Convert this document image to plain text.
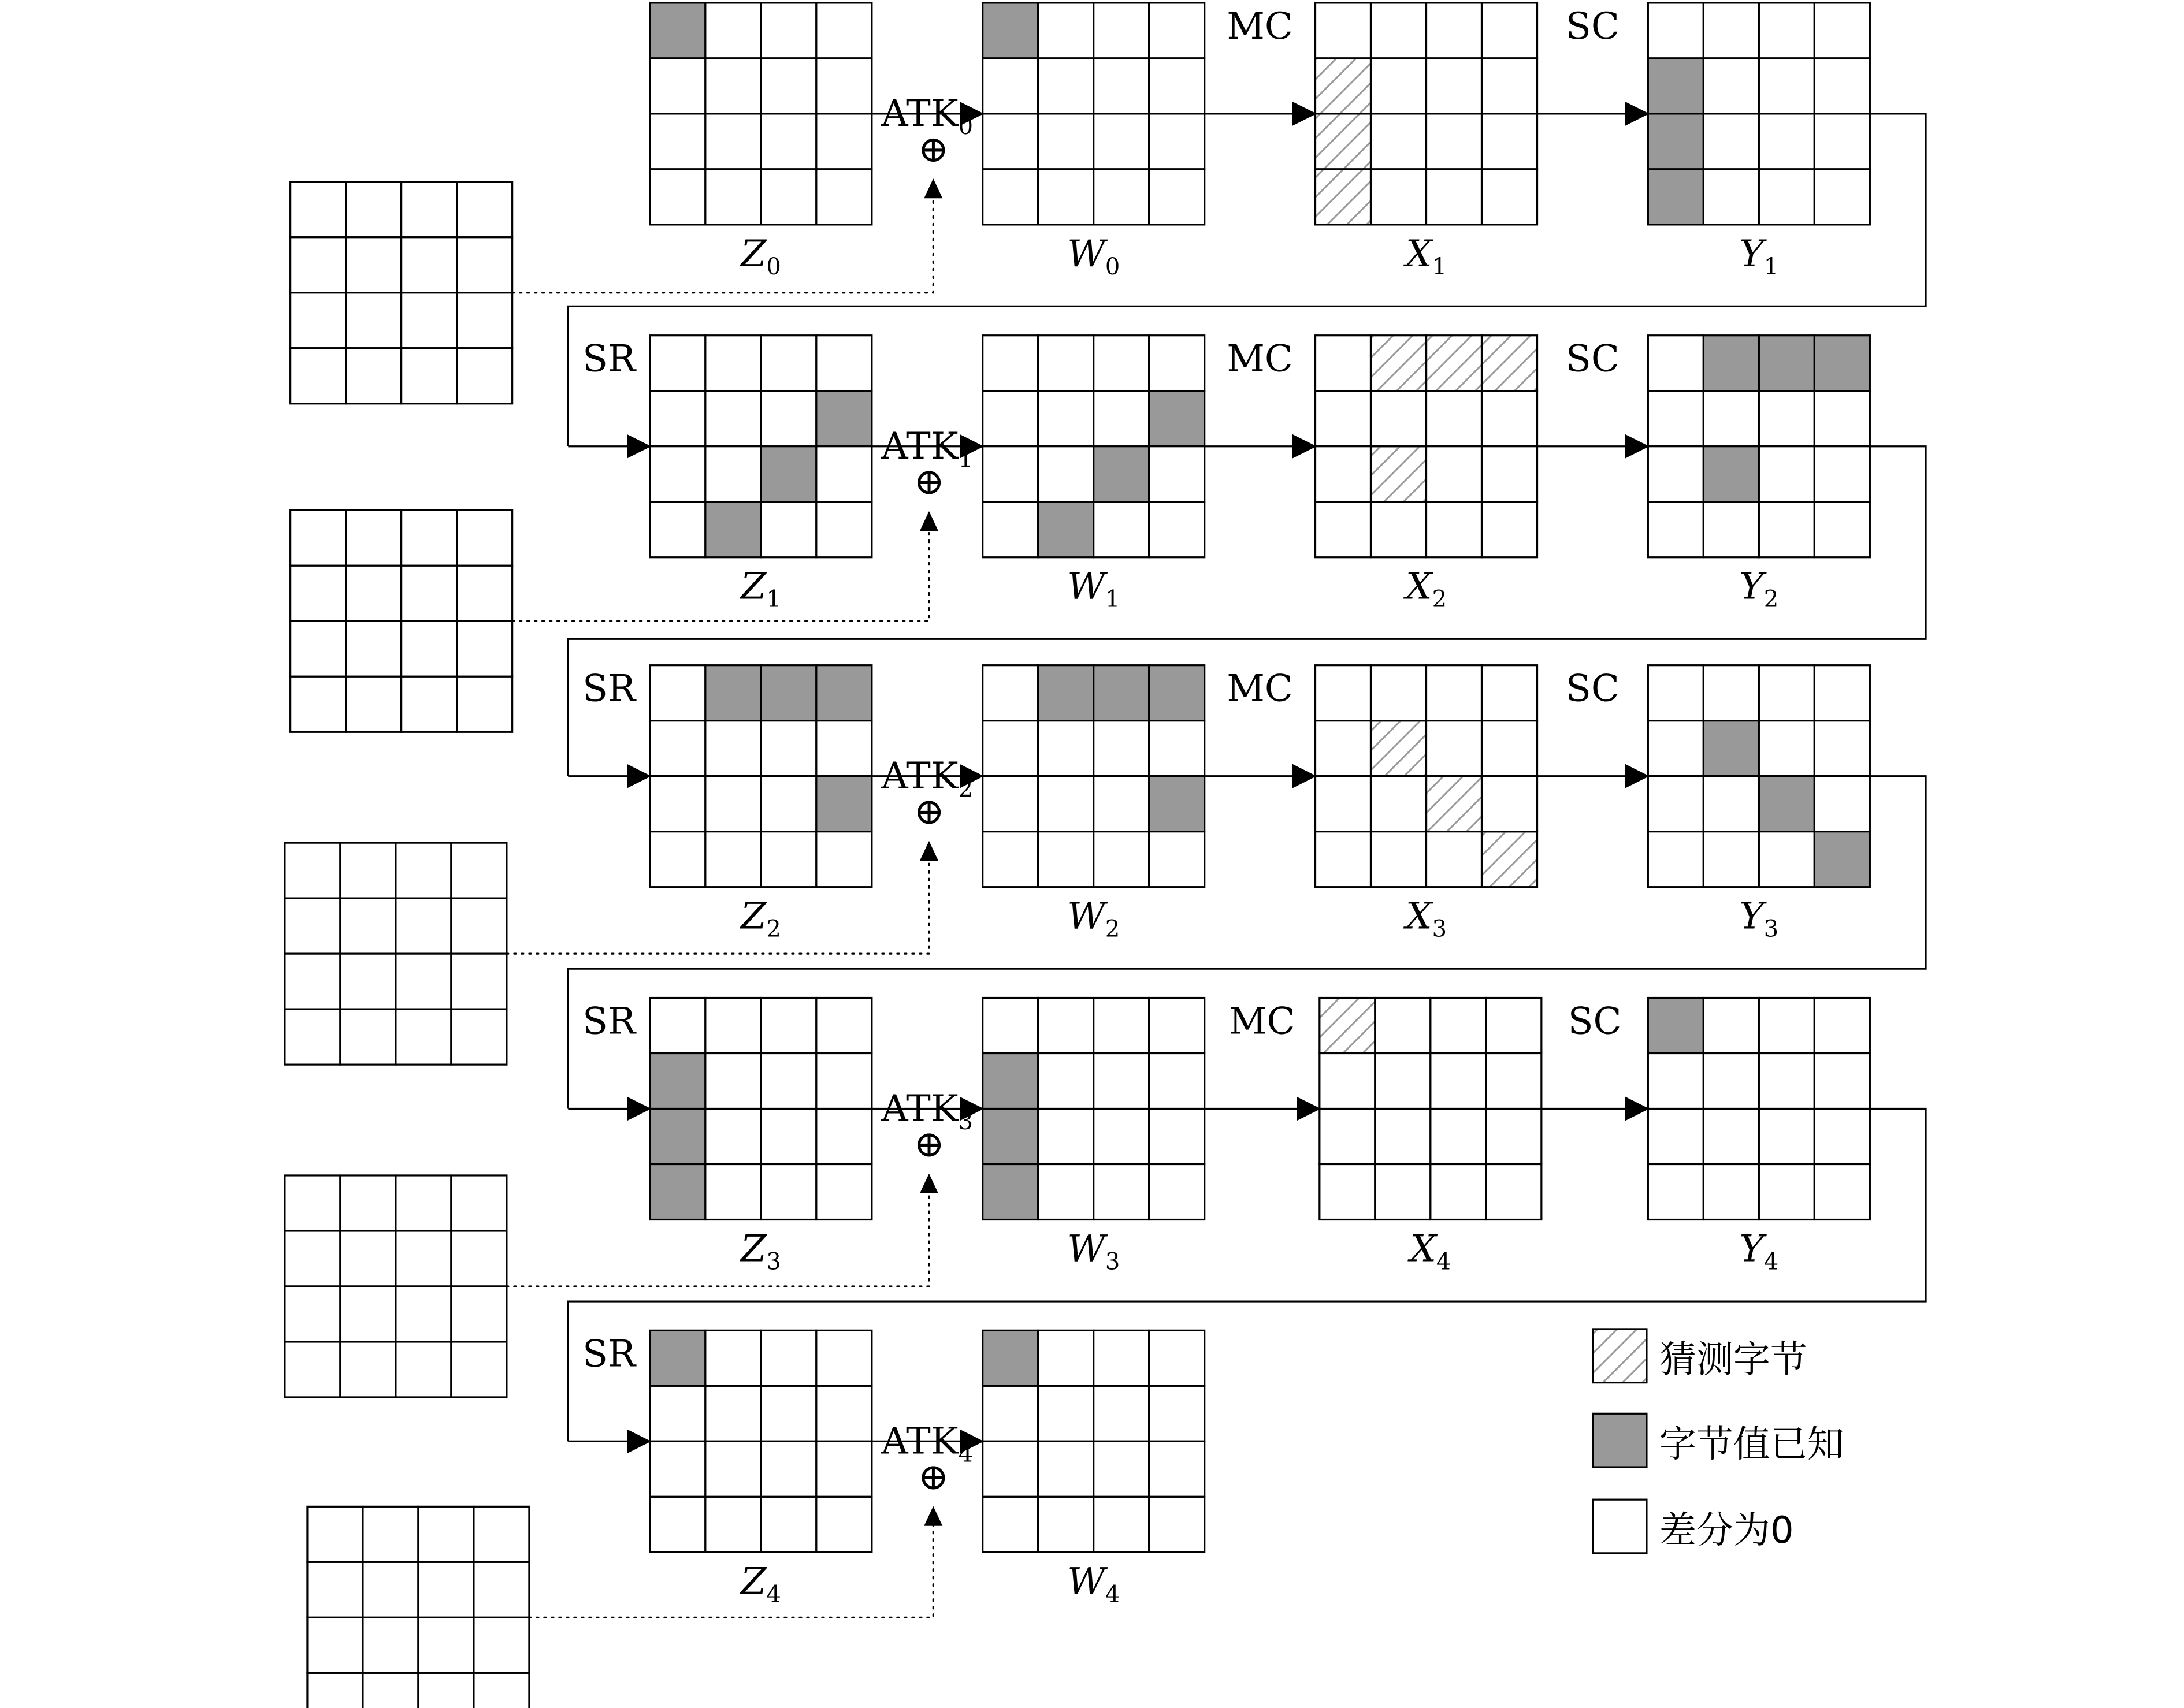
$Z_0$	$W_0$
$ATK_0$
⊕
$X_1$	$Y_1$
MC	SC
SR
$Z_1$	$W_1$
$ATK_1$
⊕
$X_2$	$Y_2$
MC	SC
SR
$Z_2$	$W_2$
$ATK_2$
⊕
$X_3$	$Y_3$
MC	SC
SR
$Z_3$	$W_3$
$ATK_3$
⊕
$X_4$	$Y_4$
MC	SC
SR
$Z_4$	$W_4$
$ATK_4$
⊕
猜测字节
字节值已知
差分为0
